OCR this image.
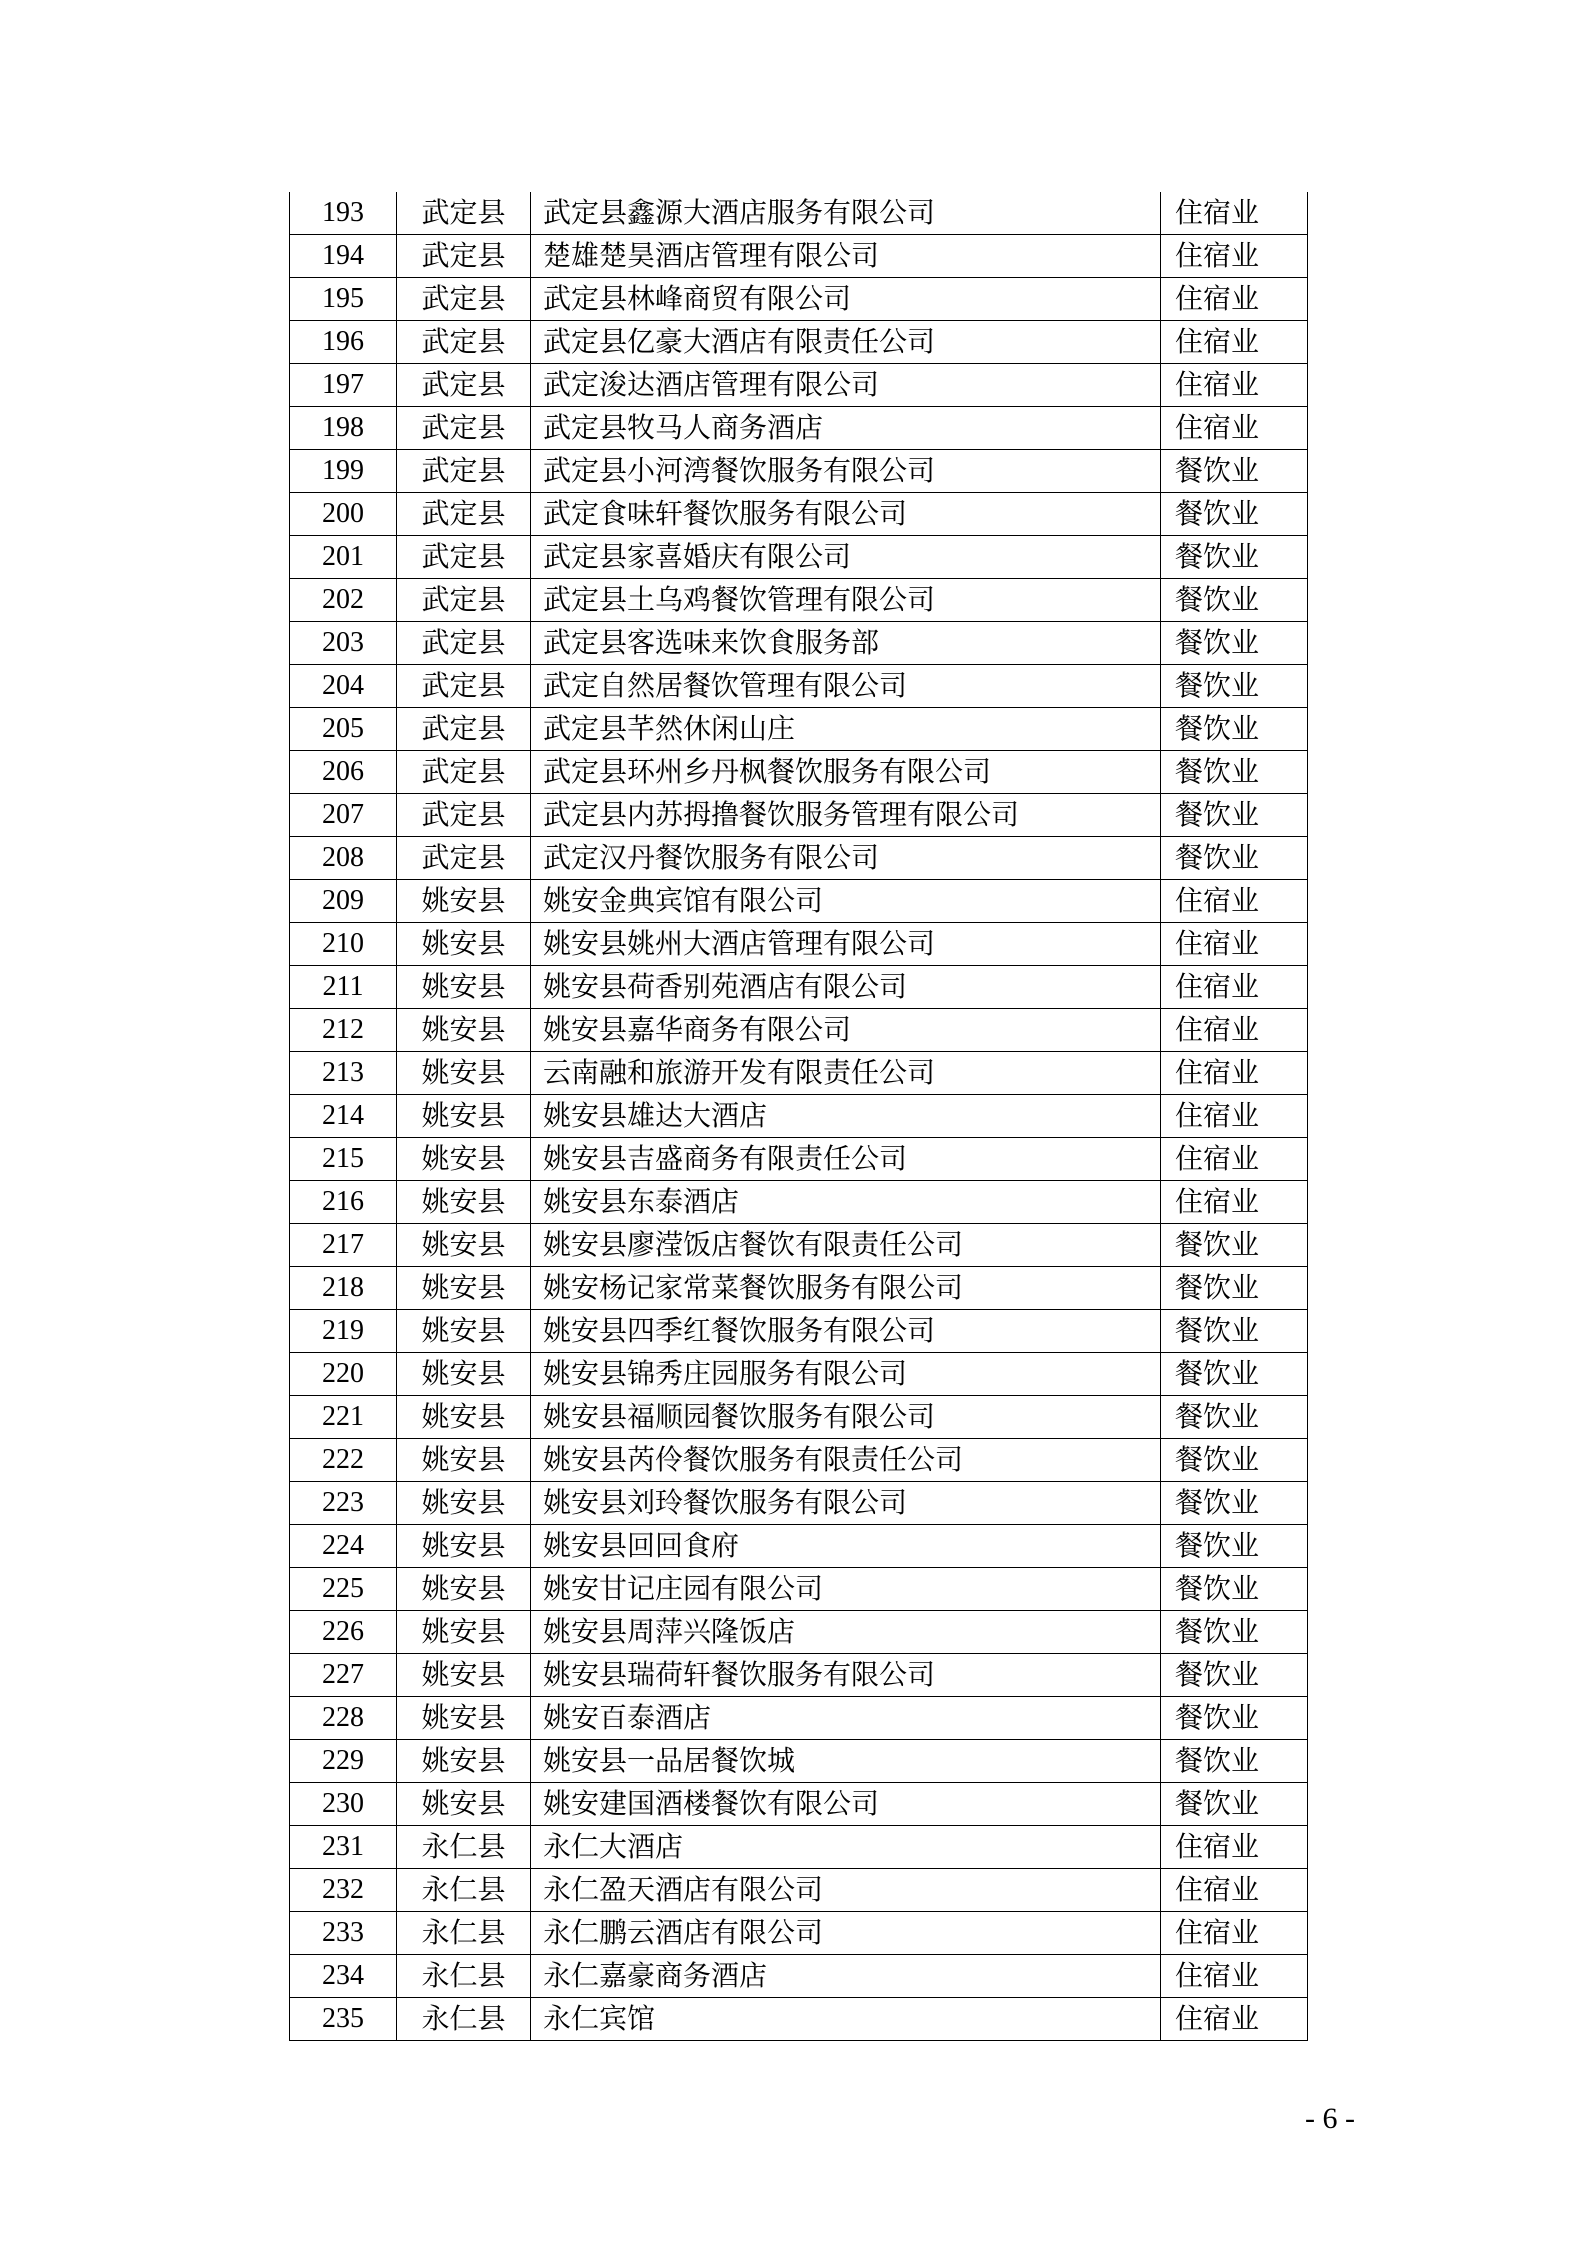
193	武定县	武定县鑫源大酒店服务有限公司	住宿业
194	武定县	楚雄楚昊酒店管理有限公司	住宿业
195	武定县	武定县林峰商贸有限公司	住宿业
196	武定县	武定县亿豪大酒店有限责任公司	住宿业
197	武定县	武定浚达酒店管理有限公司	住宿业
198	武定县	武定县牧马人商务酒店	住宿业
199	武定县	武定县小河湾餐饮服务有限公司	餐饮业
200	武定县	武定食味轩餐饮服务有限公司	餐饮业
201	武定县	武定县家喜婚庆有限公司	餐饮业
202	武定县	武定县土乌鸡餐饮管理有限公司	餐饮业
203	武定县	武定县客选味来饮食服务部	餐饮业
204	武定县	武定自然居餐饮管理有限公司	餐饮业
205	武定县	武定县芊然休闲山庄	餐饮业
206	武定县	武定县环州乡丹枫餐饮服务有限公司	餐饮业
207	武定县	武定县内苏拇撸餐饮服务管理有限公司	餐饮业
208	武定县	武定汉丹餐饮服务有限公司	餐饮业
209	姚安县	姚安金典宾馆有限公司	住宿业
210	姚安县	姚安县姚州大酒店管理有限公司	住宿业
211	姚安县	姚安县荷香别苑酒店有限公司	住宿业
212	姚安县	姚安县嘉华商务有限公司	住宿业
213	姚安县	云南融和旅游开发有限责任公司	住宿业
214	姚安县	姚安县雄达大酒店	住宿业
215	姚安县	姚安县吉盛商务有限责任公司	住宿业
216	姚安县	姚安县东泰酒店	住宿业
217	姚安县	姚安县廖滢饭店餐饮有限责任公司	餐饮业
218	姚安县	姚安杨记家常菜餐饮服务有限公司	餐饮业
219	姚安县	姚安县四季红餐饮服务有限公司	餐饮业
220	姚安县	姚安县锦秀庄园服务有限公司	餐饮业
221	姚安县	姚安县福顺园餐饮服务有限公司	餐饮业
222	姚安县	姚安县芮伶餐饮服务有限责任公司	餐饮业
223	姚安县	姚安县刘玲餐饮服务有限公司	餐饮业
224	姚安县	姚安县回回食府	餐饮业
225	姚安县	姚安甘记庄园有限公司	餐饮业
226	姚安县	姚安县周萍兴隆饭店	餐饮业
227	姚安县	姚安县瑞荷轩餐饮服务有限公司	餐饮业
228	姚安县	姚安百泰酒店	餐饮业
229	姚安县	姚安县一品居餐饮城	餐饮业
230	姚安县	姚安建国酒楼餐饮有限公司	餐饮业
231	永仁县	永仁大酒店	住宿业
232	永仁县	永仁盈天酒店有限公司	住宿业
233	永仁县	永仁鹏云酒店有限公司	住宿业
234	永仁县	永仁嘉豪商务酒店	住宿业
235	永仁县	永仁宾馆	住宿业
- 6 -
